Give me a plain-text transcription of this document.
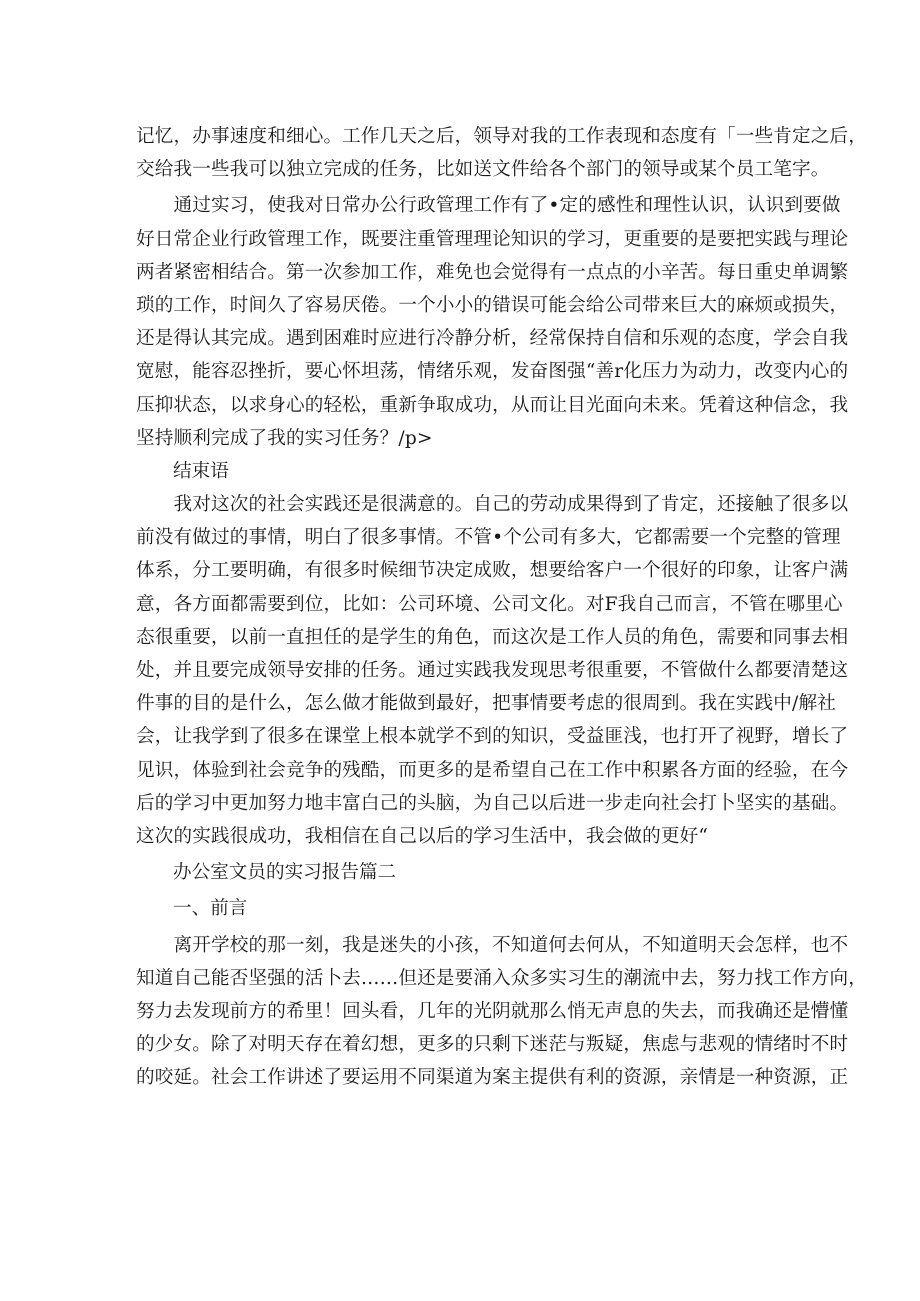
记忆，办事速度和细心。工作几天之后，领导对我的工作表现和态度有「一些肯定之后，
交给我一些我可以独立完成的任务，比如送文件给各个部门的领导或某个员工笔字。
　　通过实习，使我对日常办公行政管理工作有了•定的感性和理性认识，认识到要做
好日常企业行政管理工作，既要注重管理理论知识的学习，更重要的是要把实践与理论
两者紧密相结合。第一次参加工作，难免也会觉得有一点点的小辛苦。每日重史单调繁
琐的工作，时间久了容易厌倦。一个小小的错误可能会给公司带来巨大的麻烦或损失，
还是得认其完成。遇到困难时应进行冷静分析，经常保持自信和乐观的态度，学会自我
宽慰，能容忍挫折，要心怀坦荡，情绪乐观，发奋图强“善r化压力为动力，改变内心的
压抑状态，以求身心的轻松，重新争取成功，从而让目光面向未来。凭着这种信念，我
坚持顺利完成了我的实习任务？/p>
结束语
　　我对这次的社会实践还是很满意的。自己的劳动成果得到了肯定，还接触了很多以
前没有做过的事情，明白了很多事情。不管•个公司有多大，它都需要一个完整的管理
体系，分工要明确，有很多时候细节决定成败，想要给客户一个很好的印象，让客户满
意，各方面都需要到位，比如：公司环境、公司文化。对F我自己而言，不管在哪里心
态很重要，以前一直担任的是学生的角色，而这次是工作人员的角色，需要和同事去相
处，并且要完成领导安排的任务。通过实践我发现思考很重要，不管做什么都要清楚这
件事的目的是什么，怎么做才能做到最好，把事情要考虑的很周到。我在实践中/解社
会，让我学到了很多在课堂上根本就学不到的知识，受益匪浅，也打开了视野，增长了
见识，体验到社会竞争的残酷，而更多的是希望自己在工作中积累各方面的经验，在今
后的学习中更加努力地丰富白己的头脑，为自己以后进一步走向社会打卜坚实的基础。
这次的实践很成功，我相信在自己以后的学习生活中，我会做的更好“
办公室文员的实习报告篇二
一、前言
　　离开学校的那一刻，我是迷失的小孩，不知道何去何从，不知道明天会怎样，也不
知道自己能否坚强的活卜去……但还是要涌入众多实习生的潮流中去，努力找工作方向，
努力去发现前方的希里！回头看，几年的光阴就那么悄无声息的失去，而我确还是懵懂
的少女。除了对明天存在着幻想，更多的只剩下迷茫与叛疑，焦虑与悲观的情绪时不时
的咬延。社会工作讲述了要运用不同渠道为案主提供有利的资源，亲情是一种资源，正
